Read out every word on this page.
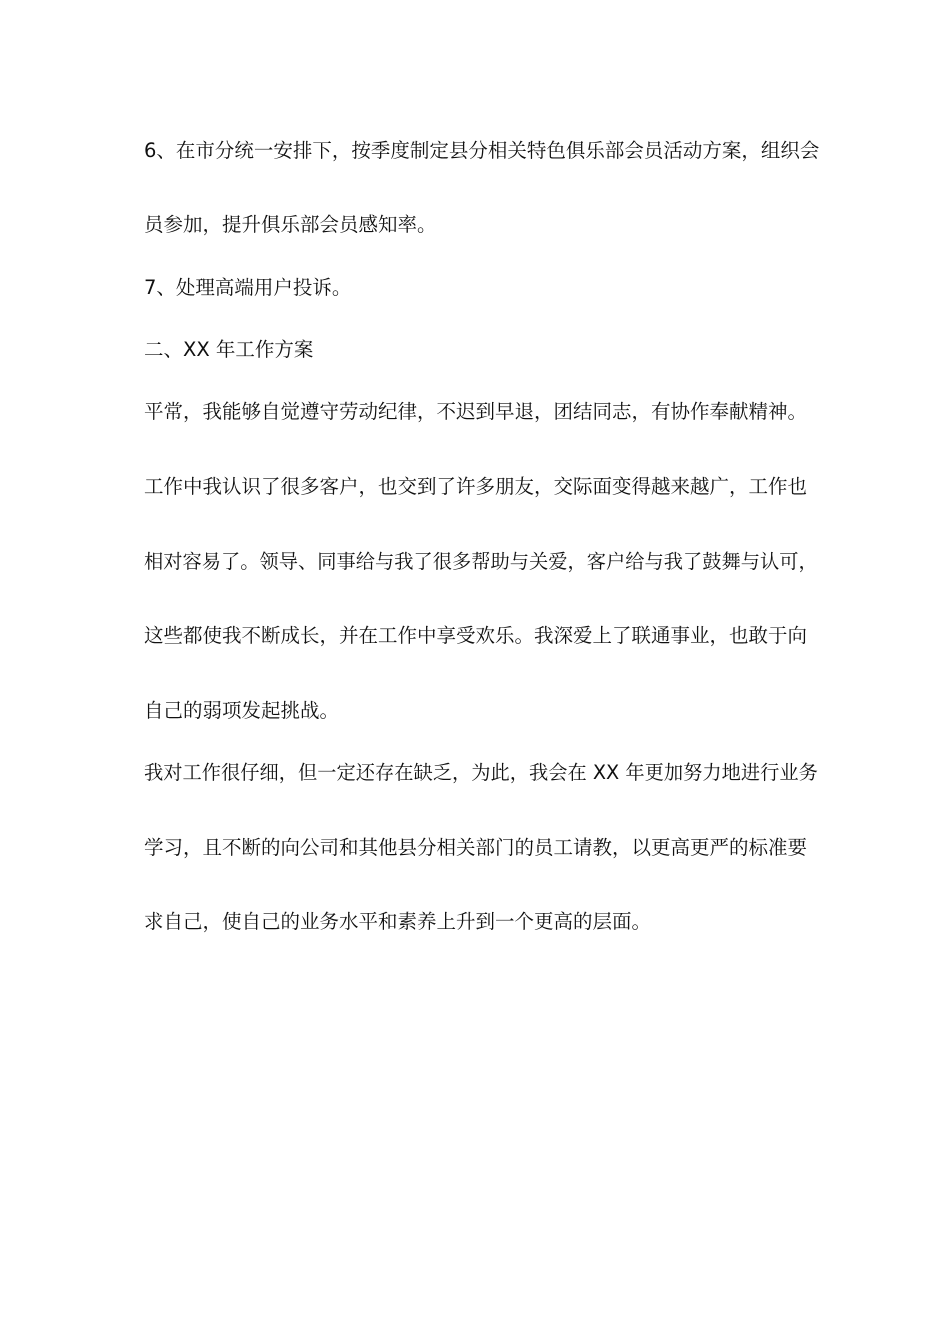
6、在市分统一安排下，按季度制定县分相关特色俱乐部会员活动方案，组织会
员参加，提升俱乐部会员感知率。
7、处理高端用户投诉。
二、XX 年工作方案
平常，我能够自觉遵守劳动纪律，不迟到早退，团结同志，有协作奉献精神。
工作中我认识了很多客户，也交到了许多朋友，交际面变得越来越广，工作也
相对容易了。领导、同事给与我了很多帮助与关爱，客户给与我了鼓舞与认可，
这些都使我不断成长，并在工作中享受欢乐。我深爱上了联通事业，也敢于向
自己的弱项发起挑战。
我对工作很仔细，但一定还存在缺乏，为此，我会在 XX 年更加努力地进行业务
学习，且不断的向公司和其他县分相关部门的员工请教，以更高更严的标准要
求自己，使自己的业务水平和素养上升到一个更高的层面。
